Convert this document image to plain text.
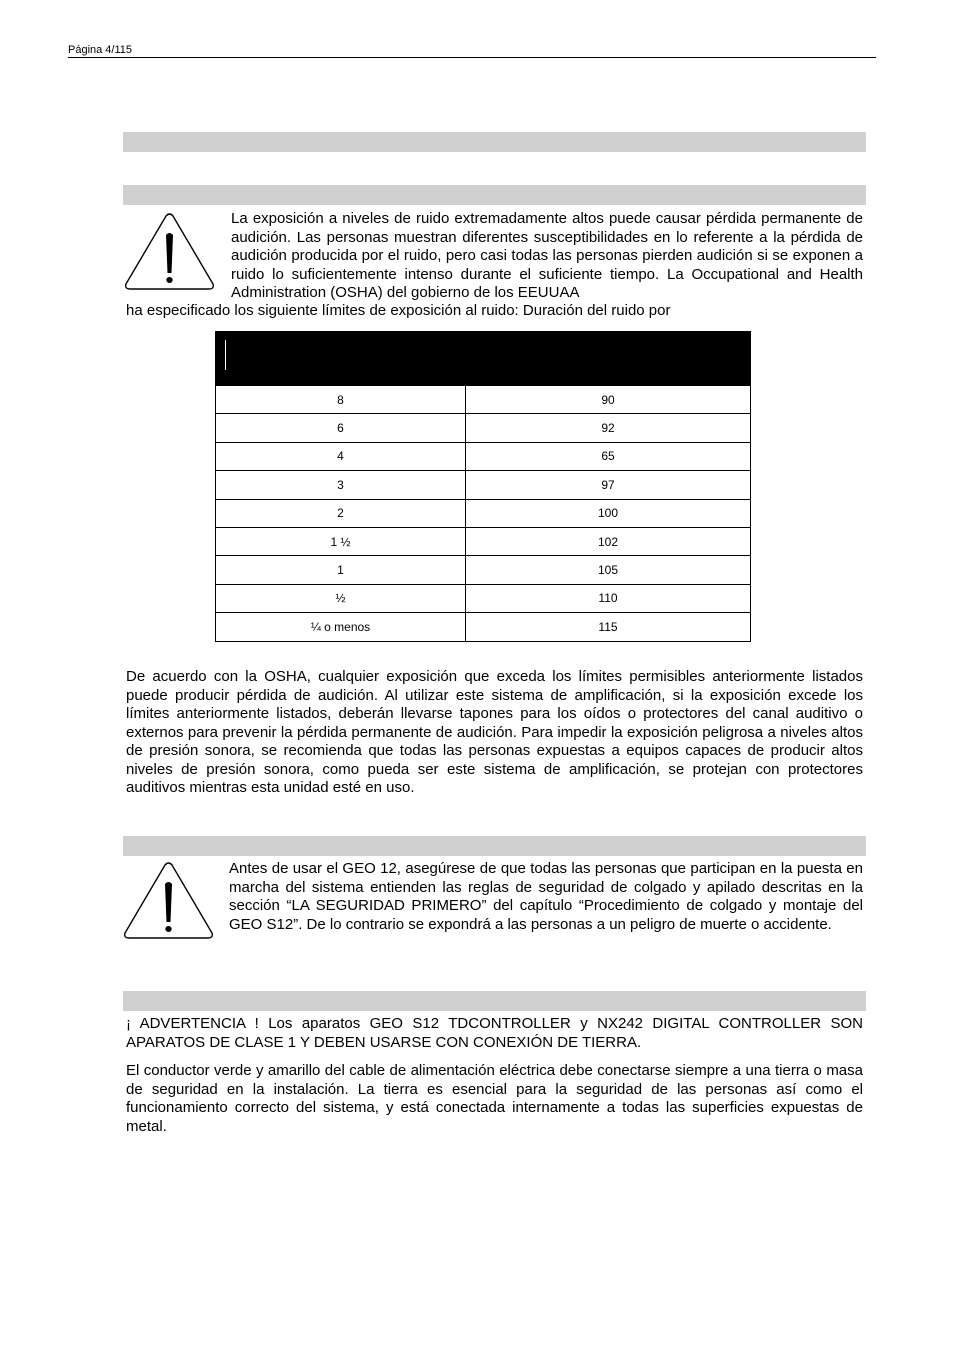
Página 4/115

La exposición a niveles de ruido extremadamente altos puede causar pérdida permanente de audición. Las personas muestran diferentes susceptibilidades en lo referente a la pérdida de audición producida por el ruido, pero casi todas las personas pierden audición si se exponen a ruido lo suficientemente intenso durante el suficiente tiempo. La Occupational and Health Administration (OSHA) del gobierno de los EEUUAA

ha especificado los siguiente límites de exposición al ruido: Duración del ruido por

8	90
6	92
4	65
3	97
2	100
1 ½	102
1	105
½	110
¼ o menos	115

De acuerdo con la OSHA, cualquier exposición que exceda los límites permisibles anteriormente listados puede producir pérdida de audición. Al utilizar este sistema de amplificación, si la exposición excede los límites anteriormente listados, deberán llevarse tapones para los oídos o protectores del canal auditivo o externos para prevenir la pérdida permanente de audición. Para impedir la exposición peligrosa a niveles altos de presión sonora, se recomienda que todas las personas expuestas a equipos capaces de producir altos niveles de presión sonora, como pueda ser este sistema de amplificación, se protejan con protectores auditivos mientras esta unidad esté en uso.

Antes de usar el GEO 12, asegúrese de que todas las personas que participan en la puesta en marcha del sistema entienden las reglas de seguridad de colgado y apilado descritas en la sección “LA SEGURIDAD PRIMERO” del capítulo “Procedimiento de colgado y montaje del GEO S12”. De lo contrario se expondrá a las personas a un peligro de muerte o accidente.

¡ ADVERTENCIA ! Los aparatos GEO S12 TDCONTROLLER y NX242 DIGITAL CONTROLLER SON APARATOS DE CLASE 1 Y DEBEN USARSE CON CONEXIÓN DE TIERRA.

El conductor verde y amarillo del cable de alimentación eléctrica debe conectarse siempre a una tierra o masa de seguridad en la instalación. La tierra es esencial para la seguridad de las personas así como el funcionamiento correcto del sistema, y está conectada internamente a todas las superficies expuestas de metal.
